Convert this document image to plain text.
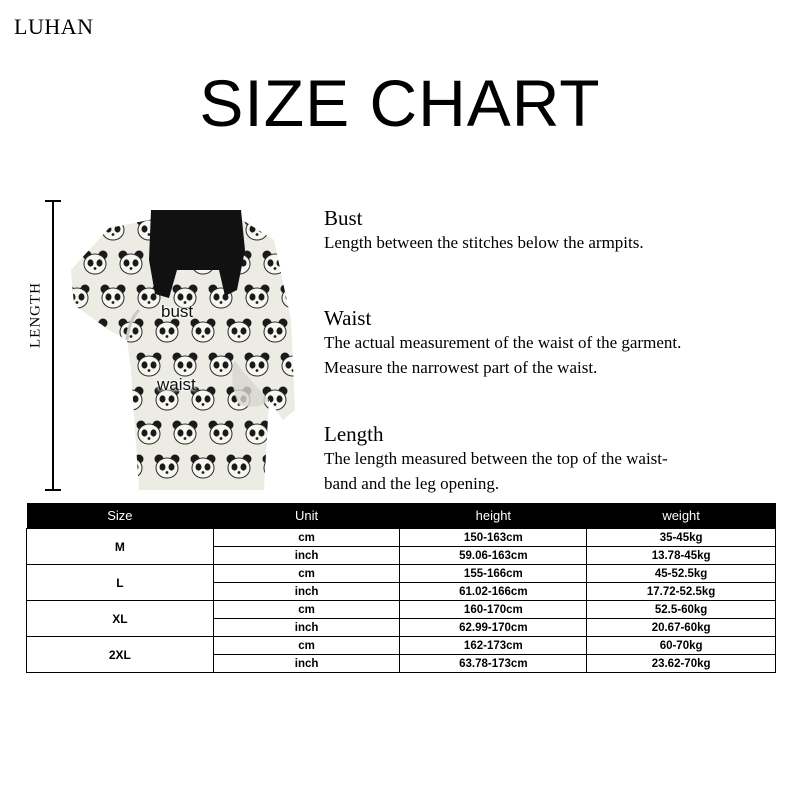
LUHAN
SIZE CHART
LENGTH	bust
waist
Bust
Length between the stitches below the armpits.
Waist
The actual measurement of the waist of the garment.
Measure the narrowest part of the waist.
Length
The length measured between the top of the waist-
band and the leg opening.
Size	Unit	height	weight
M	cm	150-163cm	35-45kg
	inch	59.06-163cm	13.78-45kg
L	cm	155-166cm	45-52.5kg
	inch	61.02-166cm	17.72-52.5kg
XL	cm	160-170cm	52.5-60kg
	inch	62.99-170cm	20.67-60kg
2XL	cm	162-173cm	60-70kg
	inch	63.78-173cm	23.62-70kg
